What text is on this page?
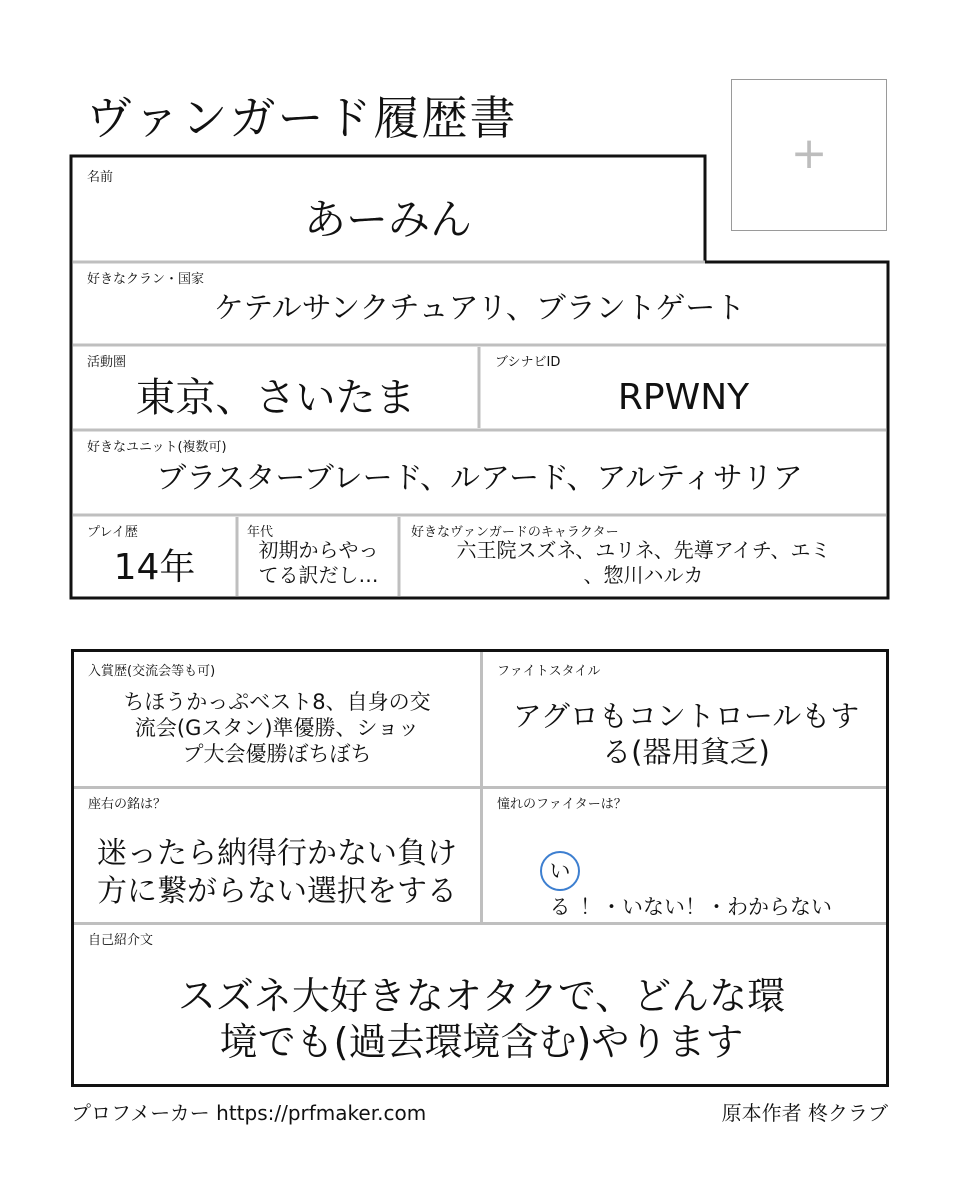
ヴァンガード履歴書
+
名前
あーみん
好きなクラン・国家
ケテルサンクチュアリ、ブラントゲート
活動圏
東京、さいたま
ブシナビID
RPWNY
好きなユニット(複数可)
ブラスターブレード、ルアード、アルティサリア
プレイ歴
14年
年代
初期からやっ
てる訳だし…
好きなヴァンガードのキャラクター
六王院スズネ、ユリネ、先導アイチ、エミ
、惣川ハルカ
入賞歴(交流会等も可)
ちほうかっぷベスト8、自身の交
流会(Gスタン)準優勝、ショッ
プ大会優勝ぼちぼち
ファイトスタイル
アグロもコントロールもす
る(器用貧乏)
座右の銘は？
迷ったら納得行かない負け
方に繋がらない選択をする
憧れのファイターは？
いる ！・いない！・わからない
自己紹介文
スズネ大好きなオタクで、どんな環
境でも(過去環境含む)やります
プロフメーカー https://prfmaker.com	原本作者 柊クラブ
